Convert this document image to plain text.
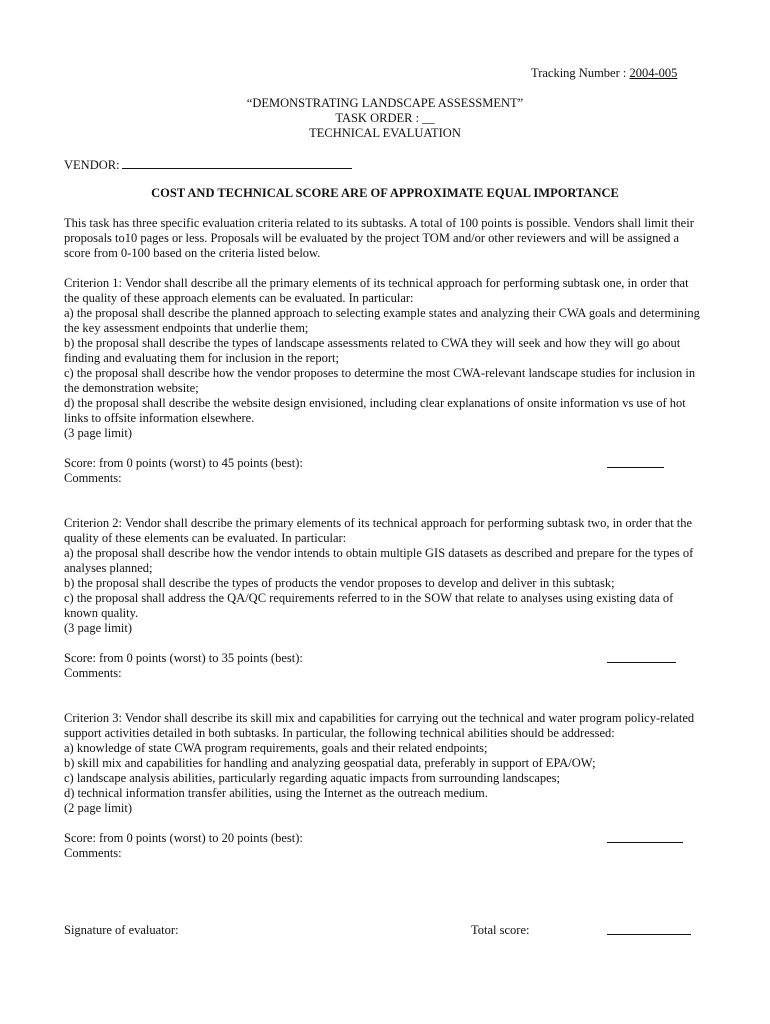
Tracking Number : 2004-005
“DEMONSTRATING LANDSCAPE ASSESSMENT”
TASK ORDER : __
TECHNICAL EVALUATION
VENDOR:
COST AND TECHNICAL SCORE ARE OF APPROXIMATE EQUAL IMPORTANCE
This task has three specific evaluation criteria related to its subtasks. A total of 100 points is possible. Vendors shall limit their
proposals to10 pages or less. Proposals will be evaluated by the project TOM and/or other reviewers and will be assigned a
score from 0-100 based on the criteria listed below.
Criterion 1: Vendor shall describe all the primary elements of its technical approach for performing subtask one, in order that
the quality of these approach elements can be evaluated. In particular:
a) the proposal shall describe the planned approach to selecting example states and analyzing their CWA goals and determining
the key assessment endpoints that underlie them;
b) the proposal shall describe the types of landscape assessments related to CWA they will seek and how they will go about
finding and evaluating them for inclusion in the report;
c) the proposal shall describe how the vendor proposes to determine the most CWA-relevant landscape studies for inclusion in
the demonstration website;
d) the proposal shall describe the website design envisioned, including clear explanations of onsite information vs use of hot
links to offsite information elsewhere.
(3 page limit)
Score: from 0 points (worst) to 45 points (best):
Comments:
Criterion 2: Vendor shall describe the primary elements of its technical approach for performing subtask two, in order that the
quality of these elements can be evaluated. In particular:
a) the proposal shall describe how the vendor intends to obtain multiple GIS datasets as described and prepare for the types of
analyses planned;
b) the proposal shall describe the types of products the vendor proposes to develop and deliver in this subtask;
c) the proposal shall address the QA/QC requirements referred to in the SOW that relate to analyses using existing data of
known quality.
(3 page limit)
Score: from 0 points (worst) to 35 points (best):
Comments:
Criterion 3: Vendor shall describe its skill mix and capabilities for carrying out the technical and water program policy-related
support activities detailed in both subtasks. In particular, the following technical abilities should be addressed:
a) knowledge of state CWA program requirements, goals and their related endpoints;
b) skill mix and capabilities for handling and analyzing geospatial data, preferably in support of EPA/OW;
c) landscape analysis abilities, particularly regarding aquatic impacts from surrounding landscapes;
d) technical information transfer abilities, using the Internet as the outreach medium.
(2 page limit)
Score: from 0 points (worst) to 20 points (best):
Comments:
Signature of evaluator:	Total score:
